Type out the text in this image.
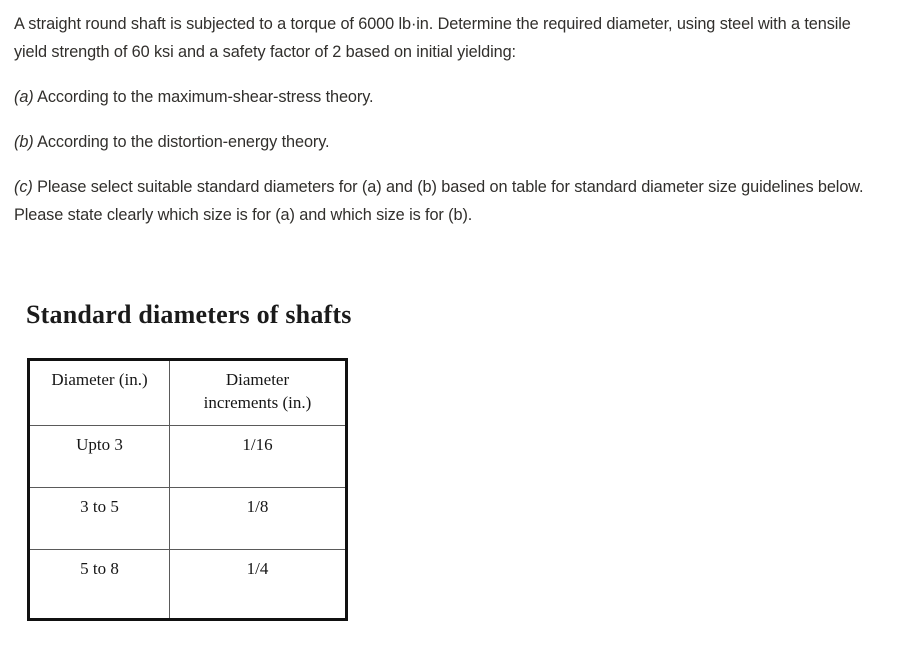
A straight round shaft is subjected to a torque of 6000 lb·in. Determine the required diameter, using steel with a tensile yield strength of 60 ksi and a safety factor of 2 based on initial yielding:

(a) According to the maximum-shear-stress theory.

(b) According to the distortion-energy theory.

(c) Please select suitable standard diameters for (a) and (b) based on table for standard diameter size guidelines below. Please state clearly which size is for (a) and which size is for (b).

Standard diameters of shafts
Diameter (in.)	Diameter
increments (in.)
Upto 3	1/16
3 to 5	1/8
5 to 8	1/4
